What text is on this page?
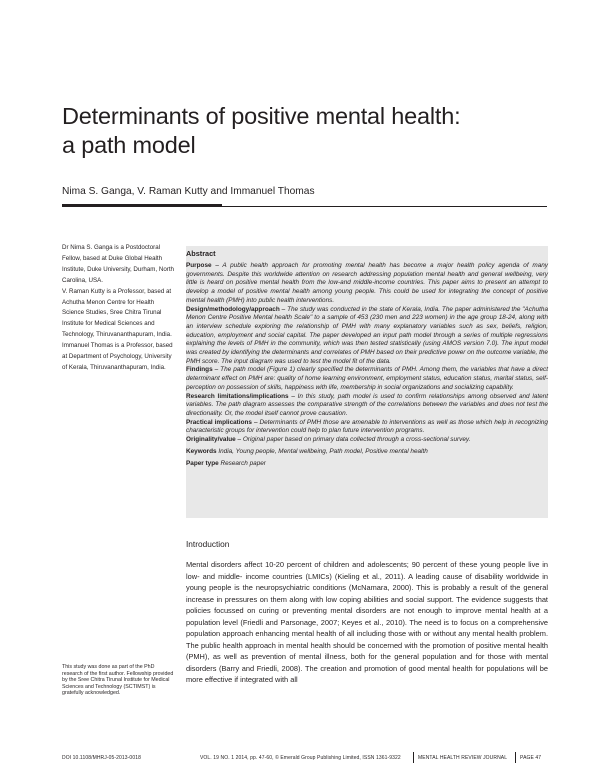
Determinants of positive mental health:
a path model
Nima S. Ganga, V. Raman Kutty and Immanuel Thomas

Dr Nima S. Ganga is a Postdoctoral Fellow, based at Duke Global Health Institute, Duke University, Durham, North Carolina, USA.

V. Raman Kutty is a Professor, based at Achutha Menon Centre for Health Science Studies, Sree Chitra Tirunal Institute for Medical Sciences and Technology, Thiruvananthapuram, India.

Immanuel Thomas is a Professor, based at Department of Psychology, University of Kerala, Thiruvananthapuram, India.

This study was done as part of the PhD research of the first author. Fellowship provided by the Sree Chitra Tirunal Institute for Medical Sciences and Technology (SCTIMST) is gratefully acknowledged.

Abstract

Purpose – A public health approach for promoting mental health has become a major health policy agenda of many governments. Despite this worldwide attention on research addressing population mental health and general wellbeing, very little is heard on positive mental health from the low-and middle-income countries. This paper aims to present an attempt to develop a model of positive mental health among young people. This could be used for integrating the concept of positive mental health (PMH) into public health interventions.

Design/methodology/approach – The study was conducted in the state of Kerala, India. The paper administered the "Achutha Menon Centre Positive Mental health Scale" to a sample of 453 (230 men and 223 women) in the age group 18-24, along with an interview schedule exploring the relationship of PMH with many explanatory variables such as sex, beliefs, religion, education, employment and social capital. The paper developed an input path model through a series of multiple regressions explaining the levels of PMH in the community, which was then tested statistically (using AMOS version 7.0). The input model was created by identifying the determinants and correlates of PMH based on their predictive power on the outcome variable, the PMH score. The input diagram was used to test the model fit of the data.

Findings – The path model (Figure 1) clearly specified the determinants of PMH. Among them, the variables that have a direct determinant effect on PMH are: quality of home learning environment, employment status, education status, marital status, self-perception on possession of skills, happiness with life, membership in social organizations and socializing capability.

Research limitations/implications – In this study, path model is used to confirm relationships among observed and latent variables. The path diagram assesses the comparative strength of the correlations between the variables and does not test the directionality. Or, the model itself cannot prove causation.

Practical implications – Determinants of PMH those are amenable to interventions as well as those which help in recognizing characteristic groups for intervention could help to plan future intervention programs.

Originality/value – Original paper based on primary data collected through a cross-sectional survey.

Keywords India, Young people, Mental wellbeing, Path model, Positive mental health

Paper type Research paper

Introduction

Mental disorders affect 10-20 percent of children and adolescents; 90 percent of these young people live in low- and middle- income countries (LMICs) (Kieling et al., 2011). A leading cause of disability worldwide in young people is the neuropsychiatric conditions (McNamara, 2000). This is probably a result of the general increase in pressures on them along with low coping abilities and social support. The evidence suggests that policies focussed on curing or preventing mental disorders are not enough to improve mental health at a population level (Friedli and Parsonage, 2007; Keyes et al., 2010). The need is to focus on a comprehensive population approach enhancing mental health of all including those with or without any mental health problem. The public health approach in mental health should be concerned with the promotion of positive mental health (PMH), as well as prevention of mental illness, both for the general population and for those with mental disorders (Barry and Friedli, 2008). The creation and promotion of good mental health for populations will be more effective if integrated with all

DOI 10.1108/MHRJ-05-2013-0018	VOL. 19 NO. 1 2014, pp. 47-60, © Emerald Group Publishing Limited, ISSN 1361-9322	MENTAL HEALTH REVIEW JOURNAL	PAGE 47
